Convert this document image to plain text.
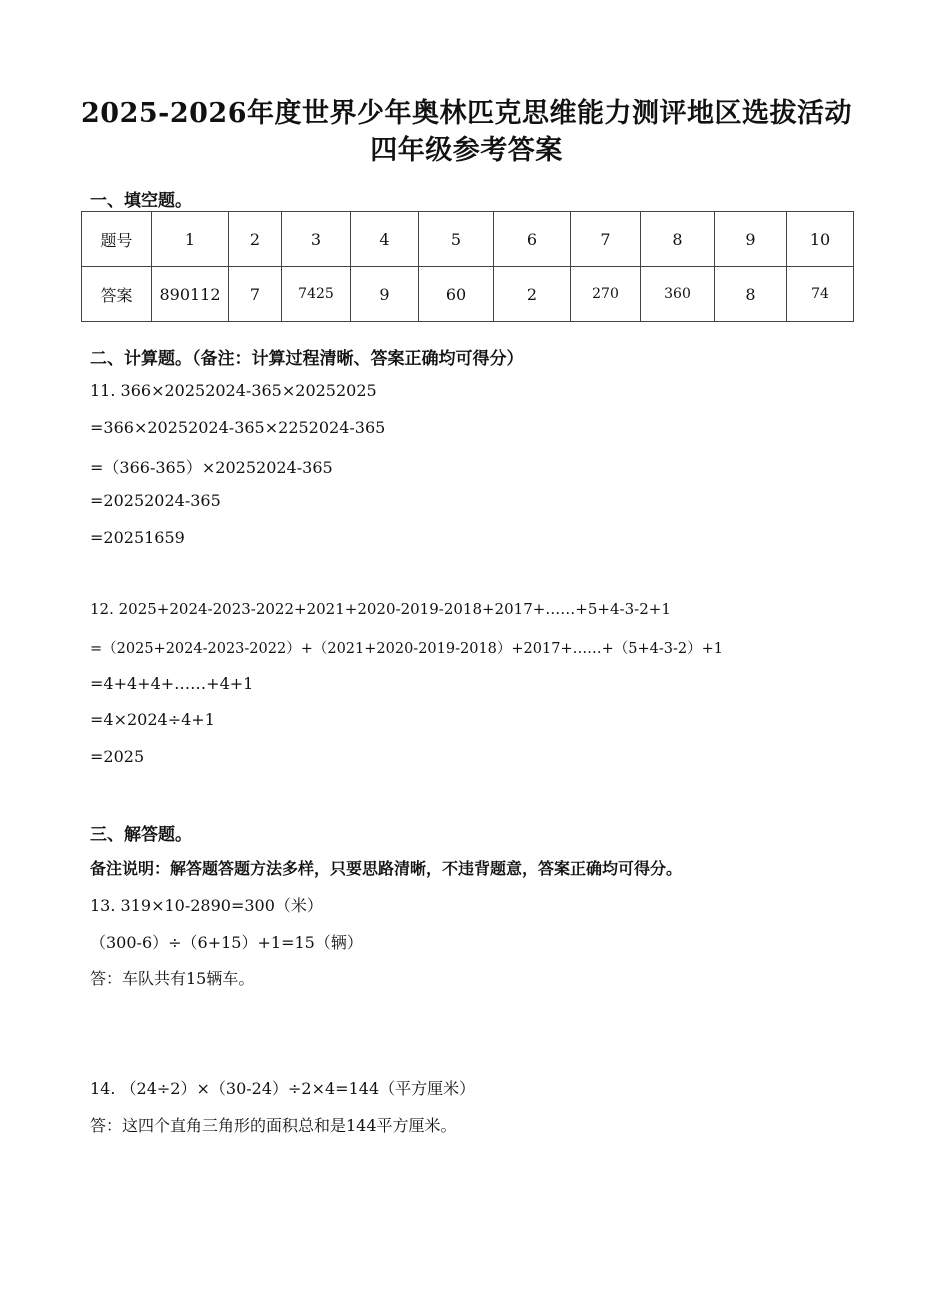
2025-2026年度世界少年奥林匹克思维能力测评地区选拔活动
四年级参考答案
一、填空题。
题号	1	2	3	4	5	6	7	8	9	10
答案	890112	7	7425	9	60	2	270	360	8	74
二、计算题。（备注：计算过程清晰、答案正确均可得分）
11. 366×20252024-365×20252025
=366×20252024-365×2252024-365
=（366-365）×20252024-365
=20252024-365
=20251659
12. 2025+2024-2023-2022+2021+2020-2019-2018+2017+……+5+4-3-2+1
=（2025+2024-2023-2022）+（2021+2020-2019-2018）+2017+……+（5+4-3-2）+1
=4+4+4+……+4+1
=4×2024÷4+1
=2025
三、解答题。
备注说明：解答题答题方法多样，只要思路清晰，不违背题意，答案正确均可得分。
13. 319×10-2890=300（米）
（300-6）÷（6+15）+1=15（辆）
答：车队共有15辆车。
14. （24÷2）×（30-24）÷2×4=144（平方厘米）
答：这四个直角三角形的面积总和是144平方厘米。
